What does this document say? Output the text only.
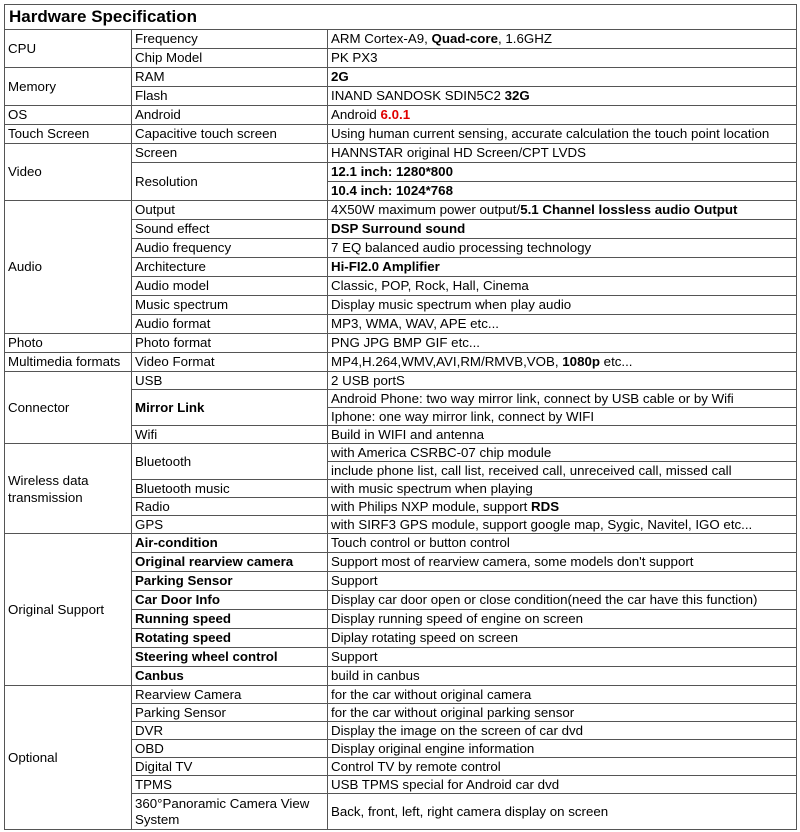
Hardware Specification		
CPU	Frequency	ARM Cortex-A9, Quad-core, 1.6GHZ
	Chip Model	PK PX3
Memory	RAM	2G
	Flash	INAND SANDOSK SDIN5C2 32G
OS	Android	Android 6.0.1
Touch Screen	Capacitive touch screen	Using human current sensing, accurate calculation the touch point location
Video	Screen	HANNSTAR original HD Screen/CPT LVDS
	Resolution	12.1 inch: 1280*800
		10.4 inch: 1024*768
Audio	Output	4X50W maximum power output/5.1 Channel lossless audio Output
	Sound effect	DSP Surround sound
	Audio frequency	7 EQ balanced audio processing technology
	Architecture	Hi-FI2.0 Amplifier
	Audio model	Classic, POP, Rock, Hall, Cinema
	Music spectrum	Display music spectrum when play audio
	Audio format	MP3, WMA, WAV, APE etc...
Photo	Photo format	PNG JPG BMP GIF etc...
Multimedia formats	Video Format	MP4,H.264,WMV,AVI,RM/RMVB,VOB, 1080p etc...
Connector	USB	2 USB portS
	Mirror Link	Android Phone: two way mirror link, connect by USB cable or by Wifi
		Iphone: one way mirror link, connect by WIFI
	Wifi	Build in WIFI and antenna
Wireless data transmission	Bluetooth	with America CSRBC-07 chip module
		include phone list, call list, received call, unreceived call, missed call
	Bluetooth music	with music spectrum when playing
	Radio	with Philips NXP module, support RDS
	GPS	with SIRF3 GPS module, support google map, Sygic, Navitel, IGO etc...
Original Support	Air-condition	Touch control or button control
	Original rearview camera	Support most of rearview camera, some models don't support
	Parking Sensor	Support
	Car Door Info	Display car door open or close condition(need the car have this function)
	Running speed	Display running speed of engine on screen
	Rotating speed	Diplay rotating speed on screen
	Steering wheel control	Support
	Canbus	build in canbus
Optional	Rearview Camera	for the car without original camera
	Parking Sensor	for the car without original parking sensor
	DVR	Display the image on the screen of car dvd
	OBD	Display original engine information
	Digital TV	Control TV by remote control
	TPMS	USB TPMS special for Android car dvd
	360°Panoramic Camera View System	Back, front, left, right camera display on screen
